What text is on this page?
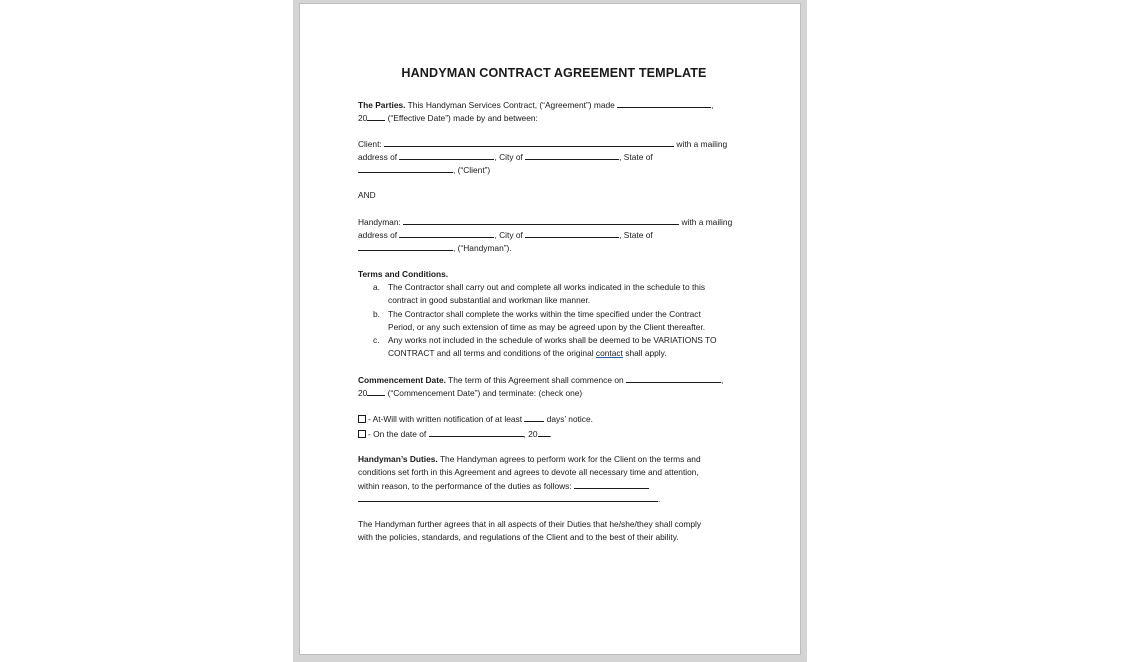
HANDYMAN CONTRACT AGREEMENT TEMPLATE
The Parties. This Handyman Services Contract, (“Agreement”) made	,
20 (“Effective Date”) made by and between:
Client:	with a mailing
address of	, City of	, State of
, (“Client”)
AND
Handyman:	with a mailing
address of	, City of	, State of
, (“Handyman”).
Terms and Conditions.
a. The Contractor shall carry out and complete all works indicated in the schedule to this
contract in good substantial and workman like manner.
b. The Contractor shall complete the works within the time specified under the Contract
Period, or any such extension of time as may be agreed upon by the Client thereafter.
c. Any works not included in the schedule of works shall be deemed to be VARIATIONS TO
CONTRACT and all terms and conditions of the original contact shall apply.
Commencement Date. The term of this Agreement shall commence on	,
20 (“Commencement Date”) and terminate: (check one)
- At-Will with written notification of at least	days’ notice.
- On the date of	, 20 .
Handyman’s Duties. The Handyman agrees to perform work for the Client on the terms and
conditions set forth in this Agreement and agrees to devote all necessary time and attention,
within reason, to the performance of the duties as follows:
.
The Handyman further agrees that in all aspects of their Duties that he/she/they shall comply
with the policies, standards, and regulations of the Client and to the best of their ability.
